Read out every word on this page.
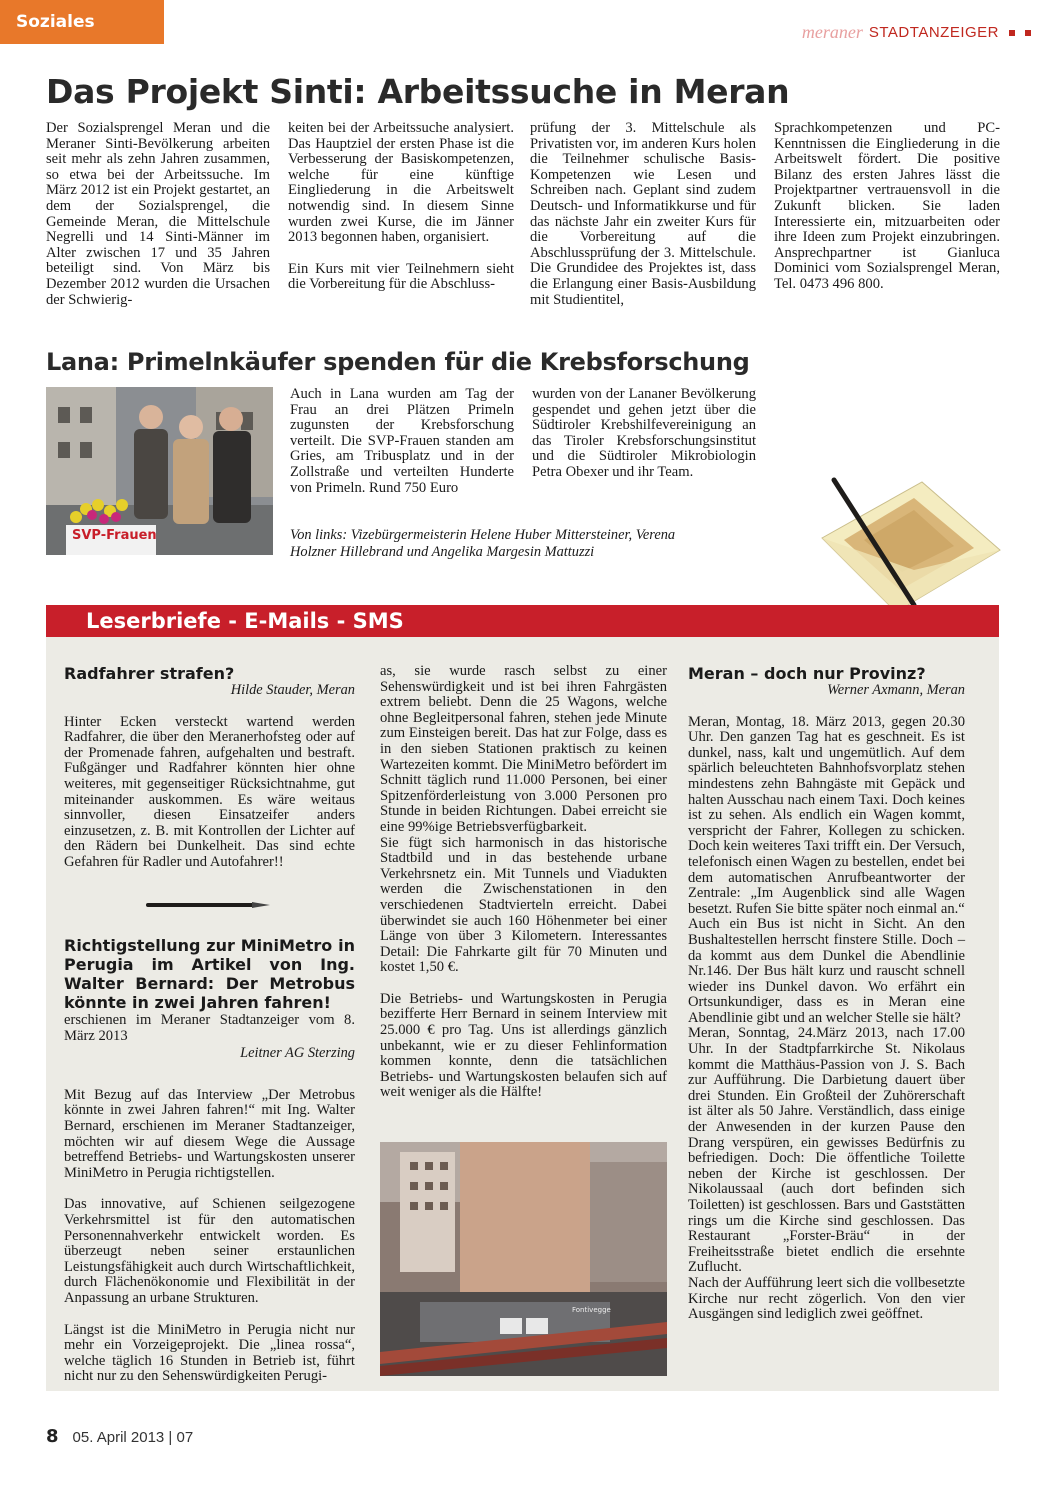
Soziales	meraner STADTANZEIGER
Das Projekt Sinti: Arbeitssuche in Meran

Der Sozialsprengel Meran und die Meraner Sinti-Bevölkerung arbeiten seit mehr als zehn Jahren zusammen, so etwa bei der Arbeitssuche. Im März 2012 ist ein Projekt gestartet, an dem der Sozialsprengel, die Gemeinde Meran, die Mittelschule Negrelli und 14 Sinti-Männer im Alter zwischen 17 und 35 Jahren beteiligt sind. Von März bis Dezember 2012 wurden die Ursachen der Schwierig-

keiten bei der Arbeitssuche analysiert. Das Hauptziel der ersten Phase ist die Verbesserung der Basiskompetenzen, welche für eine künftige Eingliederung in die Arbeitswelt notwendig sind. In diesem Sinne wurden zwei Kurse, die im Jänner 2013 begonnen haben, organisiert.

Ein Kurs mit vier Teilnehmern sieht die Vorbereitung für die Abschluss-

prüfung der 3. Mittelschule als Privatisten vor, im anderen Kurs holen die Teilnehmer schulische Basis-Kompetenzen wie Lesen und Schreiben nach. Geplant sind zudem Deutsch- und Informatikkurse und für das nächste Jahr ein zweiter Kurs für die Vorbereitung auf die Abschlussprüfung der 3. Mittelschule. Die Grundidee des Projektes ist, dass die Erlangung einer Basis-Ausbildung mit Studientitel,

Sprachkompetenzen und PC-Kenntnissen die Eingliederung in die Arbeitswelt fördert. Die positive Bilanz des ersten Jahres lässt die Projektpartner vertrauensvoll in die Zukunft blicken. Sie laden Interessierte ein, mitzuarbeiten oder ihre Ideen zum Projekt einzubringen. Ansprechpartner ist Gianluca Dominici vom Sozialsprengel Meran, Tel. 0473 496 800.

Lana: Primelnkäufer spenden für die Krebsforschung
SVP-Frauen

Auch in Lana wurden am Tag der Frau an drei Plätzen Primeln zugunsten der Krebsforschung verteilt. Die SVP-Frauen standen am Gries, am Tribusplatz und in der Zollstraße und verteilten Hunderte von Primeln. Rund 750 Euro

wurden von der Lananer Bevölkerung gespendet und gehen jetzt über die Südtiroler Krebshilfevereinigung an das Tiroler Krebsforschungsinstitut und die Südtiroler Mikrobiologin Petra Obexer und ihr Team.

Von links: Vizebürgermeisterin Helene Huber Mittersteiner, Verena Holzner Hillebrand und Angelika Margesin Mattuzzi
Leserbriefe - E-Mails - SMS
Radfahrer strafen?

Hilde Stauder, Meran

Hinter Ecken versteckt wartend werden Radfahrer, die über den Meranerhofsteg oder auf der Promenade fahren, aufgehalten und bestraft. Fußgänger und Radfahrer könnten hier ohne weiteres, mit gegenseitiger Rücksichtnahme, gut miteinander auskommen. Es wäre weitaus sinnvoller, diesen Einsatzeifer anders einzusetzen, z. B. mit Kontrollen der Lichter auf den Rädern bei Dunkelheit. Das sind echte Gefahren für Radler und Autofahrer!!

Richtigstellung zur MiniMetro in Perugia im Artikel von Ing. Walter Bernard: Der Metrobus könnte in zwei Jahren fahren!

erschienen im Meraner Stadtanzeiger vom 8. März 2013

Leitner AG Sterzing

Mit Bezug auf das Interview „Der Metrobus könnte in zwei Jahren fahren!“ mit Ing. Walter Bernard, erschienen im Meraner Stadtanzeiger, möchten wir auf diesem Wege die Aussage betreffend Betriebs- und Wartungskosten unserer MiniMetro in Perugia richtigstellen.

Das innovative, auf Schienen seilgezogene Verkehrsmittel ist für den automatischen Personennahverkehr entwickelt worden. Es überzeugt neben seiner erstaunlichen Leistungsfähigkeit auch durch Wirtschaftlichkeit, durch Flächenökonomie und Flexibilität in der Anpassung an urbane Strukturen.

Längst ist die MiniMetro in Perugia nicht nur mehr ein Vorzeigeprojekt. Die „linea rossa“, welche täglich 16 Stunden in Betrieb ist, führt nicht nur zu den Sehenswürdigkeiten Perugi-

as, sie wurde rasch selbst zu einer Sehenswürdigkeit und ist bei ihren Fahrgästen extrem beliebt. Denn die 25 Wagons, welche ohne Begleitpersonal fahren, stehen jede Minute zum Einsteigen bereit. Das hat zur Folge, dass es in den sieben Stationen praktisch zu keinen Wartezeiten kommt. Die MiniMetro befördert im Schnitt täglich rund 11.000 Personen, bei einer Spitzenförderleistung von 3.000 Personen pro Stunde in beiden Richtungen. Dabei erreicht sie eine 99%ige Betriebsverfügbarkeit.

Sie fügt sich harmonisch in das historische Stadtbild und in das bestehende urbane Verkehrsnetz ein. Mit Tunnels und Viadukten werden die Zwischenstationen in den verschiedenen Stadtvierteln erreicht. Dabei überwindet sie auch 160 Höhenmeter bei einer Länge von über 3 Kilometern. Interessantes Detail: Die Fahrkarte gilt für 70 Minuten und kostet 1,50 €.

Die Betriebs- und Wartungskosten in Perugia bezifferte Herr Bernard in seinem Interview mit 25.000 € pro Tag. Uns ist allerdings gänzlich unbekannt, wie er zu dieser Fehlinformation kommen konnte, denn die tatsächlichen Betriebs- und Wartungskosten belaufen sich auf weit weniger als die Hälfte!

Fontivegge
Meran – doch nur Provinz?

Werner Axmann, Meran

Meran, Montag, 18. März 2013, gegen 20.30 Uhr. Den ganzen Tag hat es geschneit. Es ist dunkel, nass, kalt und ungemütlich. Auf dem spärlich beleuchteten Bahnhofsvorplatz stehen mindestens zehn Bahngäste mit Gepäck und halten Ausschau nach einem Taxi. Doch keines ist zu sehen. Als endlich ein Wagen kommt, verspricht der Fahrer, Kollegen zu schicken. Doch kein weiteres Taxi trifft ein. Der Versuch, telefonisch einen Wagen zu bestellen, endet bei dem automatischen Anrufbeantworter der Zentrale: „Im Augenblick sind alle Wagen besetzt. Rufen Sie bitte später noch einmal an.“

Auch ein Bus ist nicht in Sicht. An den Bushaltestellen herrscht finstere Stille. Doch – da kommt aus dem Dunkel die Abendlinie Nr.146. Der Bus hält kurz und rauscht schnell wieder ins Dunkel davon. Wo erfährt ein Ortsunkundiger, dass es in Meran eine Abendlinie gibt und an welcher Stelle sie hält?

Meran, Sonntag, 24.März 2013, nach 17.00 Uhr. In der Stadtpfarrkirche St. Nikolaus kommt die Matthäus-Passion von J. S. Bach zur Aufführung. Die Darbietung dauert über drei Stunden. Ein Großteil der Zuhörerschaft ist älter als 50 Jahre. Verständlich, dass einige der Anwesenden in der kurzen Pause den Drang verspüren, ein gewisses Bedürfnis zu befriedigen. Doch: Die öffentliche Toilette neben der Kirche ist geschlossen. Der Nikolaussaal (auch dort befinden sich Toiletten) ist geschlossen. Bars und Gaststätten rings um die Kirche sind geschlossen. Das Restaurant „Forster-Bräu“ in der Freiheitsstraße bietet endlich die ersehnte Zuflucht.

Nach der Aufführung leert sich die vollbesetzte Kirche nur recht zögerlich. Von den vier Ausgängen sind lediglich zwei geöffnet.

8 05. April 2013 | 07
